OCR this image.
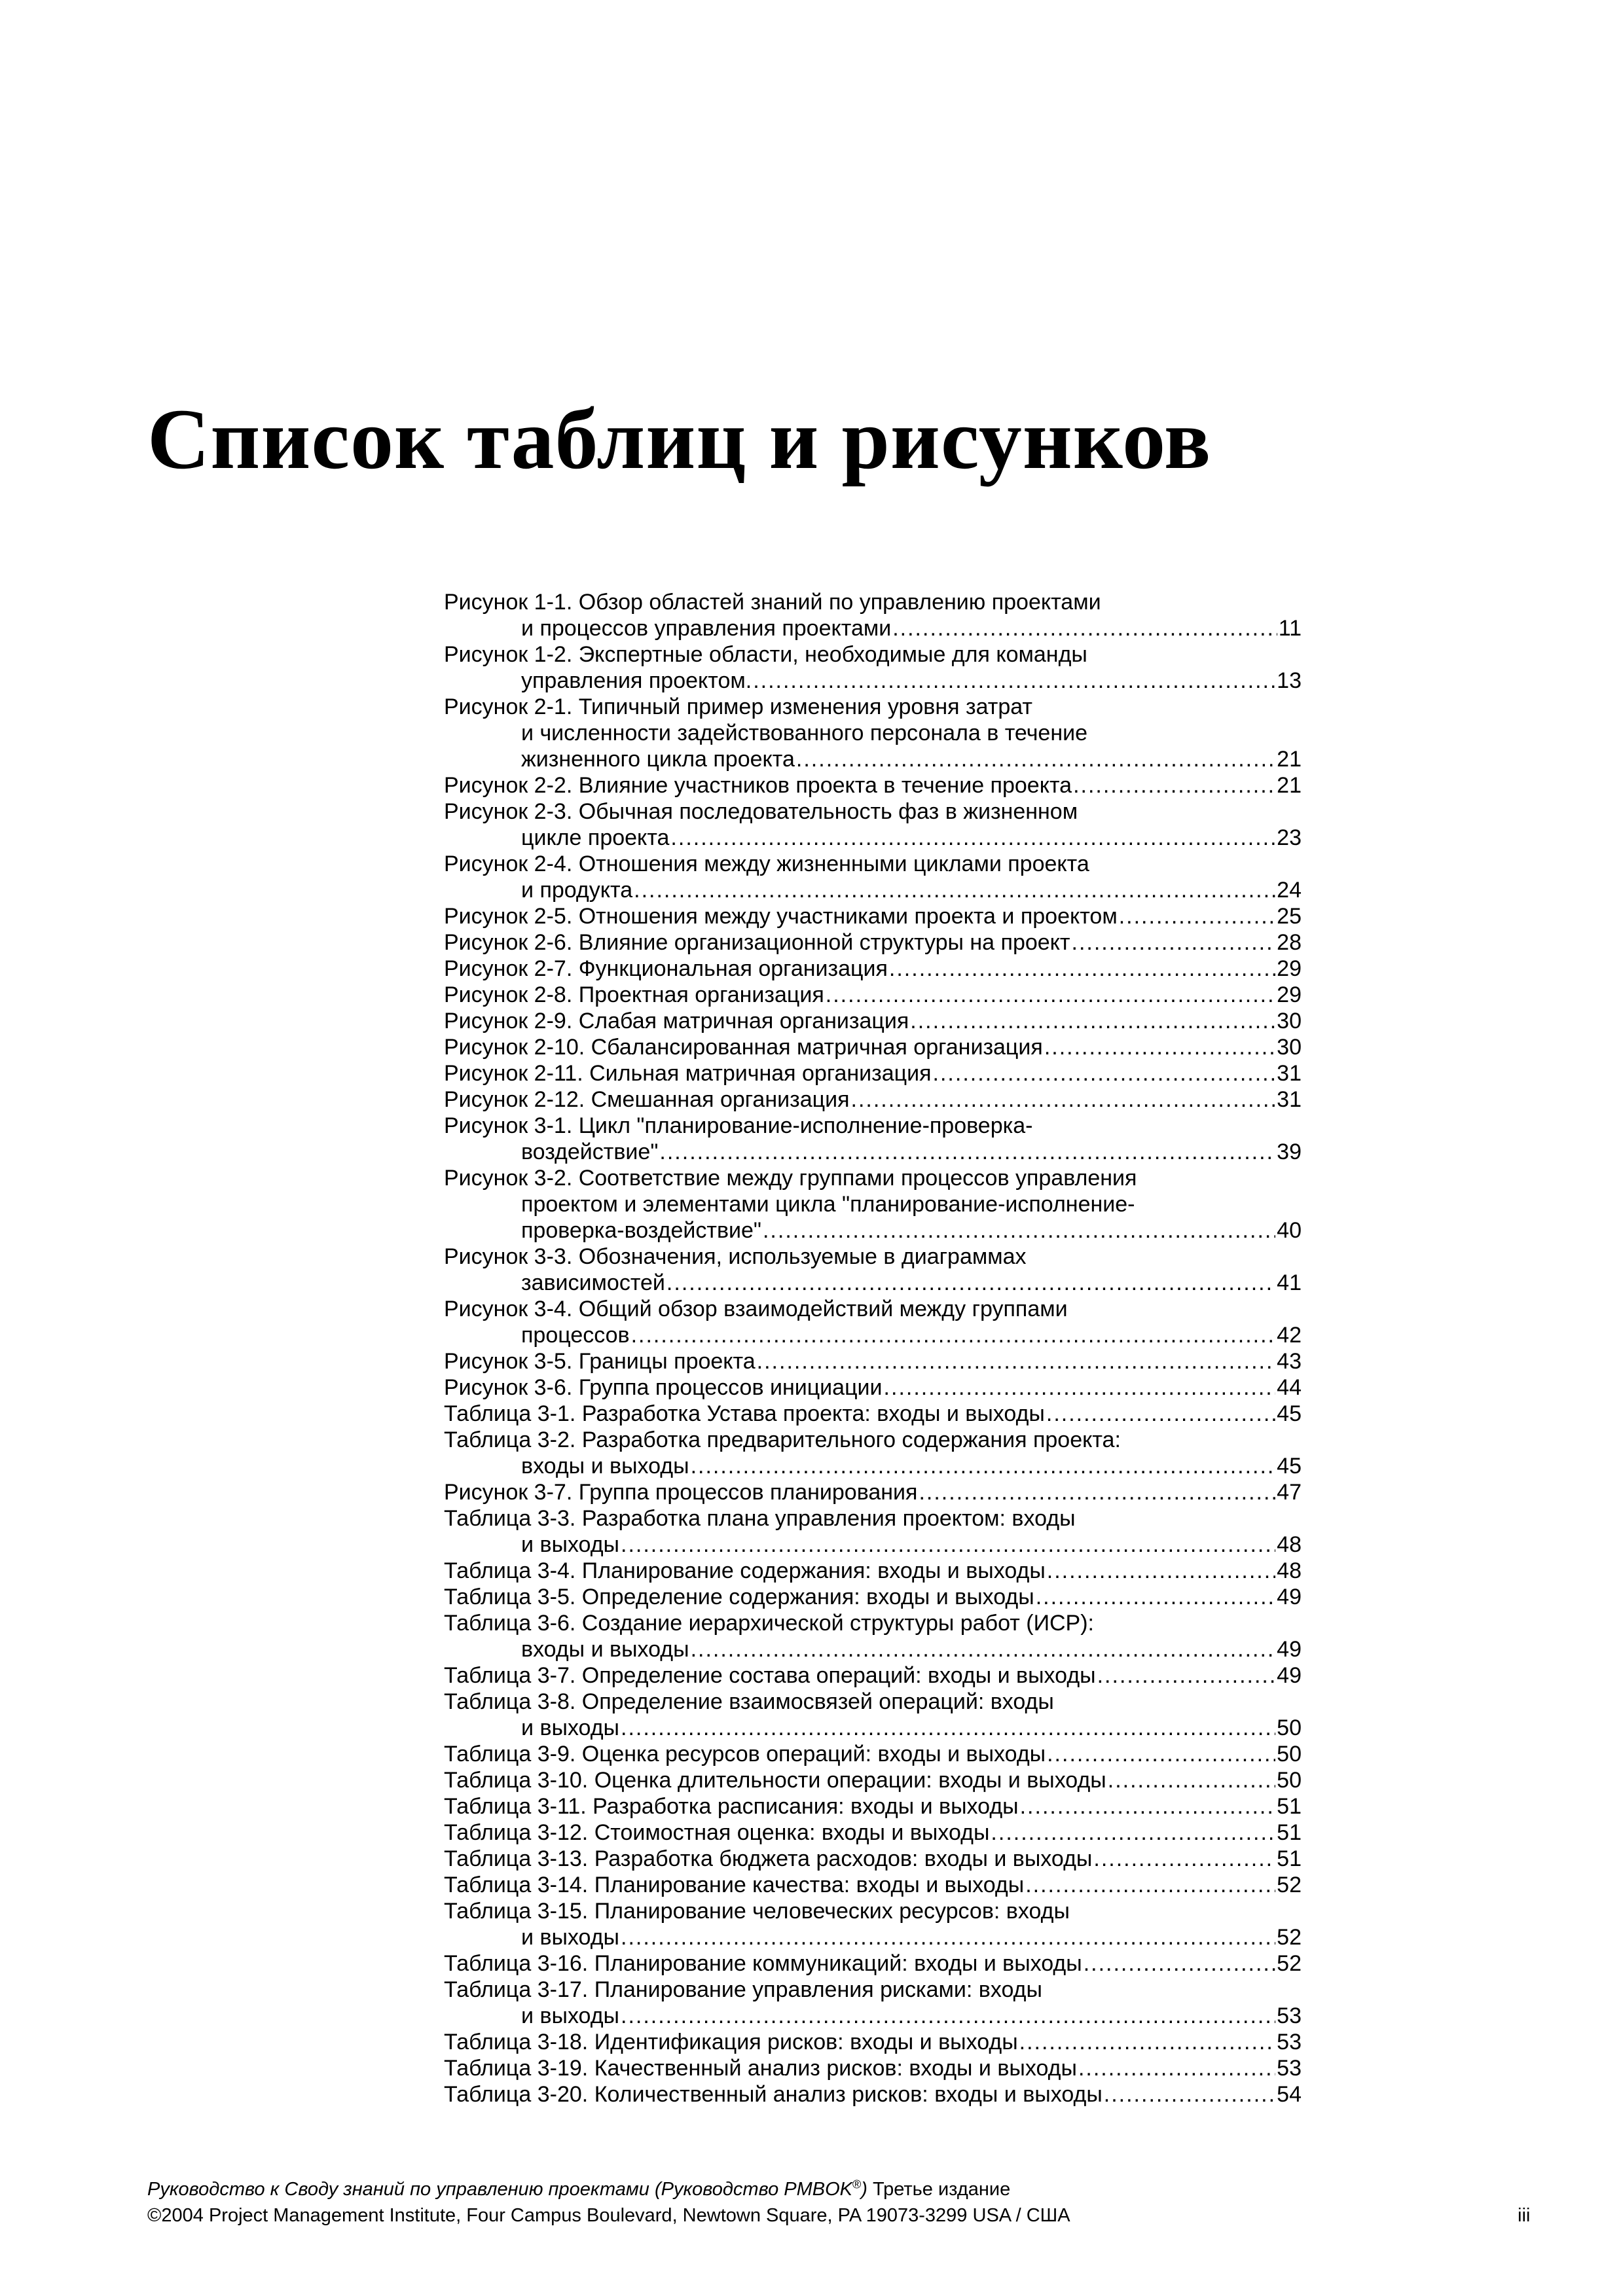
Список таблиц и рисунков
Рисунок 1-1. Обзор областей знаний по управлению проектами
и процессов управления проектами .....	11
Рисунок 1-2. Экспертные области, необходимые для команды
управления проектом. .....	13
Рисунок 2-1. Типичный пример изменения уровня затрат
и численности задействованного персонала в течение
жизненного цикла проекта .....	21
Рисунок 2-2. Влияние участников проекта в течение проекта .....	21
Рисунок 2-3. Обычная последовательность фаз в жизненном
цикле проекта .....	23
Рисунок 2-4. Отношения между жизненными циклами проекта
и продукта .....	24
Рисунок 2-5. Отношения между участниками проекта и проектом .....	25
Рисунок 2-6. Влияние организационной структуры на проект .....	28
Рисунок 2-7. Функциональная организация .....	29
Рисунок 2-8. Проектная организация .....	29
Рисунок 2-9. Слабая матричная организация .....	30
Рисунок 2-10. Сбалансированная матричная организация .....	30
Рисунок 2-11. Сильная матричная организация .....	31
Рисунок 2-12. Смешанная организация .....	31
Рисунок 3-1. Цикл "планирование-исполнение-проверка-
воздействие" .....	39
Рисунок 3-2. Соответствие между группами процессов управления
проектом и элементами цикла "планирование-исполнение-
проверка-воздействие" .....	40
Рисунок 3-3. Обозначения, используемые в диаграммах
зависимостей .....	41
Рисунок 3-4. Общий обзор взаимодействий между группами
процессов .....	42
Рисунок 3-5. Границы проекта .....	43
Рисунок 3-6. Группа процессов инициации .....	44
Таблица 3-1. Разработка Устава проекта: входы и выходы .....	45
Таблица 3-2. Разработка предварительного содержания проекта:
входы и выходы .....	45
Рисунок 3-7. Группа процессов планирования .....	47
Таблица 3-3. Разработка плана управления проектом: входы
и выходы .....	48
Таблица 3-4. Планирование содержания: входы и выходы .....	48
Таблица 3-5. Определение содержания: входы и выходы .....	49
Таблица 3-6. Создание иерархической структуры работ (ИСР):
входы и выходы .....	49
Таблица 3-7. Определение состава операций: входы и выходы .....	49
Таблица 3-8. Определение взаимосвязей операций: входы
и выходы .....	50
Таблица 3-9. Оценка ресурсов операций: входы и выходы .....	50
Таблица 3-10. Оценка длительности операции: входы и выходы .....	50
Таблица 3-11. Разработка расписания: входы и выходы .....	51
Таблица 3-12. Стоимостная оценка: входы и выходы .....	51
Таблица 3-13. Разработка бюджета расходов: входы и выходы .....	51
Таблица 3-14. Планирование качества: входы и выходы .....	52
Таблица 3-15. Планирование человеческих ресурсов: входы
и выходы .....	52
Таблица 3-16. Планирование коммуникаций: входы и выходы .....	52
Таблица 3-17. Планирование управления рисками: входы
и выходы .....	53
Таблица 3-18. Идентификация рисков: входы и выходы .....	53
Таблица 3-19. Качественный анализ рисков: входы и выходы .....	53
Таблица 3-20. Количественный анализ рисков: входы и выходы .....	54
Руководство к Своду знаний по управлению проектами (Руководство PMBOK®) Третье издание
©2004 Project Management Institute, Four Campus Boulevard, Newtown Square, PA 19073-3299 USA / США	iii
